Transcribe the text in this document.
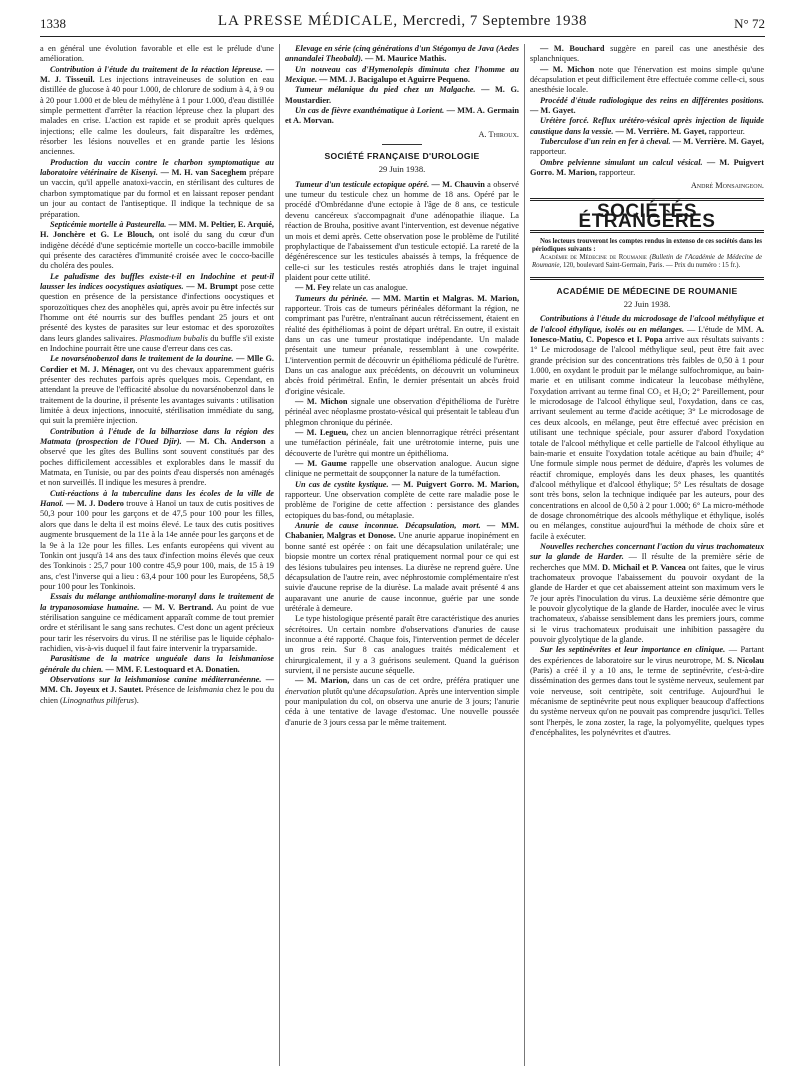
1338	LA PRESSE MÉDICALE, Mercredi, 7 Septembre 1938	N° 72

a en général une évolution favorable et elle est le prélude d'une amélioration.

Contribution à l'étude du traitement de la réaction lépreuse. — M. J. Tisseuil. Les injections intraveineuses de solution en eau distillée de glucose à 40 pour 1.000, de chlorure de sodium à 4, à 9 ou à 20 pour 1.000 et de bleu de méthylène à 1 pour 1.000, d'eau distillée simple permettent d'arrêter la réaction lépreuse chez la plupart des malades en crise. L'action est rapide et se produit après quelques injections; elle calme les douleurs, fait disparaître les œdèmes, résorber les lésions nouvelles et en grande partie les lésions anciennes.

Production du vaccin contre le charbon symptomatique au laboratoire vétérinaire de Kisenyi. — M. H. van Saceghem prépare un vaccin, qu'il appelle anatoxi-vaccin, en stérilisant des cultures de charbon symptomatique par du formol et en laissant reposer pendant un jour au contact de l'antiseptique. Il indique la technique de sa préparation.

Septicémie mortelle à Pasteurella. — MM. M. Peltier, E. Arquié, H. Jonchère et G. Le Blouch, ont isolé du sang du cœur d'un indigène décédé d'une septicémie mortelle un cocco-bacille immobile qui présente des caractères d'immunité croisée avec le cocco-bacille du choléra des poules.

Le paludisme des buffles existe-t-il en Indochine et peut-il lausser les indices oocystiques asiatiques. — M. Brumpt pose cette question en présence de la persistance d'infections oocystiques et sporozoïtiques chez des anophèles qui, après avoir pu être infectés sur l'homme ont été nourris sur des buffles pendant 25 jours et ont présenté des kystes de parasites sur leur estomac et des sporozoïtes dans leurs glandes salivaires. Plasmodium bubalis du buffle s'il existe en Indochine pourrait être une cause d'erreur dans ces cas.

Le novarsénobenzol dans le traitement de la dourine. — Mlle G. Cordier et M. J. Ménager, ont vu des chevaux apparemment guéris présenter des rechutes parfois après quelques mois. Cependant, en attendant la preuve de l'efficacité absolue du novarsénobenzol dans le traitement de la dourine, il présente les avantages suivants : utilisation limitée à deux injections, innocuité, stérilisation immédiate du sang, qui suit la première injection.

Contribution à l'étude de la bilharziose dans la région des Matmata (prospection de l'Oued Djir). — M. Ch. Anderson a observé que les gîtes des Bullins sont souvent constitués par des poches difficilement accessibles et explorables dans le massif du Matmata, en Tunisie, ou par des points d'eau dispersés non aménagés et non surveillés. Il indique les mesures à prendre.

Cuti-réactions à la tuberculine dans les écoles de la ville de Hanoï. — M. J. Dodero trouve à Hanoï un taux de cutis positives de 50,3 pour 100 pour les garçons et de 47,5 pour 100 pour les filles, alors que dans le delta il est moins élevé. Le taux des cutis positives augmente brusquement de la 11e à la 14e année pour les garçons et de la 9e à la 12e pour les filles. Les enfants européens qui vivent au Tonkin ont jusqu'à 14 ans des taux d'infection moins élevés que ceux des Tonkinois : 25,7 pour 100 contre 45,9 pour 100, mais, de 15 à 19 ans, c'est l'inverse qui a lieu : 63,4 pour 100 pour les Européens, 58,5 pour 100 pour les Tonkinois.

Essais du mélange anthiomaline-moranyl dans le traitement de la trypanosomiase humaine. — M. V. Bertrand. Au point de vue stérilisation sanguine ce médicament apparaît comme de tout premier ordre et stérilisant le sang sans rechutes. C'est donc un agent précieux pour tarir les réservoirs du virus. Il ne stérilise pas le liquide céphalo-rachidien, vis-à-vis duquel il faut faire intervenir la tryparsamide.

Parasitisme de la matrice unguéale dans la leishmaniose générale du chien. — MM. F. Lestoquard et A. Donatien.

Observations sur la leishmaniose canine méditerranéenne. — MM. Ch. Joyeux et J. Sautet. Présence de leishmania chez le pou du chien (Linognathus piliferus).

Elevage en série (cinq générations d'un Stégomya de Java (Aedes annandalei Theobald). — M. Maurice Mathis.

Un nouveau cas d'Hymenolepis diminuta chez l'homme au Mexique. — MM. J. Bacigalupo et Aguirre Pequeno.

Tumeur mélanique du pied chez un Malgache. — M. G. Moustardier.

Un cas de fièvre exanthématique à Lorient. — MM. A. Germain et A. Morvan.

A. Thiroux.
SOCIÉTÉ FRANÇAISE D'UROLOGIE
29 Juin 1938.

Tumeur d'un testicule ectopique opéré. — M. Chauvin a observé une tumeur du testicule chez un homme de 18 ans. Opéré par le procédé d'Ombrédanne d'une ectopie à l'âge de 8 ans, ce testicule devenu cancéreux s'accompagnait d'une adénopathie iliaque. La réaction de Brouha, positive avant l'intervention, est devenue négative un mois et demi après. Cette observation pose le problème de l'utilité prophylactique de l'abaissement d'un testicule ectopié. La rareté de la dégénérescence sur les testicules abaissés à temps, la fréquence de celle-ci sur les testicules restés atrophiés dans le trajet inguinal plaident pour cette utilité.

— M. Fey relate un cas analogue.

Tumeurs du périnée. — MM. Martin et Malgras. M. Marion, rapporteur. Trois cas de tumeurs périnéales déformant la région, ne comprimant pas l'urètre, n'entraînant aucun rétrécissement, étaient en réalité des épithéliomas à point de départ urétral. En outre, il existait dans un cas une tumeur prostatique indépendante. Un malade présentait une tumeur préanale, ressemblant à une cowpérite. L'intervention permit de découvrir un épithélioma pédiculé de l'urètre. Dans un cas analogue aux précédents, on découvrit un volumineux abcès froid périmétral. Enfin, le dernier présentait un abcès froid d'origine vésicale.

— M. Michon signale une observation d'épithélioma de l'urètre périnéal avec néoplasme prostato-vésical qui présentait le tableau d'un phlegmon chronique du périnée.

— M. Legueu, chez un ancien blennorragique rétréci présentant une tuméfaction périnéale, fait une urétrotomie interne, puis une découverte de l'urètre qui montre un épithélioma.

— M. Gaume rappelle une observation analogue. Aucun signe clinique ne permettait de soupçonner la nature de la tuméfaction.

Un cas de cystite kystique. — M. Puigvert Gorro. M. Marion, rapporteur. Une observation complète de cette rare maladie pose le problème de l'origine de cette affection : persistance des glandes ectopiques du bas-fond, ou métaplasie.

Anurie de cause inconnue. Décapsulation, mort. — MM. Chabanier, Malgras et Donose. Une anurie apparue inopinément en bonne santé est opérée : on fait une décapsulation unilatérale; une biopsie montre un cortex rénal pratiquement normal pour ce qui est des lésions tubulaires peu intenses. La diurèse ne reprend guère. Une décapsulation de l'autre rein, avec néphrostomie complémentaire n'est suivie d'aucune reprise de la diurèse. La malade avait présenté 4 ans auparavant une anurie de cause inconnue, guérie par une sonde urétérale à demeure.

Le type histologique présenté paraît être caractéristique des anuries sécrétoires. Un certain nombre d'observations d'anuries de cause inconnue a été rapporté. Chaque fois, l'intervention permet de déceler un gros rein. Sur 8 cas analogues traités médicalement et chirurgicalement, il y a 3 guérisons seulement. Quand la guérison survient, il ne persiste aucune séquelle.

— M. Marion, dans un cas de cet ordre, préféra pratiquer une énervation plutôt qu'une décapsulation. Après une intervention simple pour manipulation du col, on observa une anurie de 3 jours; l'anurie céda à une tentative de lavage d'estomac. Une nouvelle poussée d'anurie de 3 jours cessa par le même traitement.

— M. Bouchard suggère en pareil cas une anesthésie des splanchniques.

— M. Michon note que l'énervation est moins simple qu'une décapsulation et peut difficilement être effectuée comme celle-ci, sous anesthésie locale.

Procédé d'étude radiologique des reins en différentes positions. — M. Gayet.

Urétère forcé. Reflux urétéro-vésical après injection de liquide caustique dans la vessie. — M. Verrière. M. Gayet, rapporteur.

Tuberculose d'un rein en fer à cheval. — M. Verrière. M. Gayet, rapporteur.

Ombre pelvienne simulant un calcul vésical. — M. Puigvert Gorro. M. Marion, rapporteur.

André Monsaingeon.
SOCIÉTÉS ÉTRANGÈRES

Nos lecteurs trouveront les comptes rendus in extenso de ces sociétés dans les périodiques suivants :

Académie de Médecine de Roumanie (Bulletin de l'Académie de Médecine de Roumanie, 120, boulevard Saint-Germain, Paris. — Prix du numéro : 15 fr.).

ACADÉMIE DE MÉDECINE DE ROUMANIE
22 Juin 1938.

Contributions à l'étude du microdosage de l'alcool méthylique et de l'alcool éthylique, isolés ou en mélanges. — L'étude de MM. A. Ionesco-Matiu, C. Popesco et I. Popa arrive aux résultats suivants : 1° Le microdosage de l'alcool méthylique seul, peut être fait avec grande précision sur des concentrations très faibles de 0,50 à 1 pour 1.000, en oxydant le produit par le mélange sulfochromique, au bain-marie et en utilisant comme indicateur la leucobase méthylène, l'oxydation arrivant au terme final CO₂ et H₂O; 2° Pareillement, pour le microdosage de l'alcool éthylique seul, l'oxydation, dans ce cas, arrivant seulement au terme d'acide acétique; 3° Le microdosage de ces deux alcools, en mélange, peut être effectué avec précision en utilisant une technique spéciale, pour assurer d'abord l'oxydation totale de l'alcool méthylique et celle partielle de l'alcool éthylique au bain-marie et ensuite l'oxydation totale acétique au bain d'huile; 4° Une formule simple nous permet de déduire, d'après les volumes de réactif chromique, employés dans les deux phases, les quantités d'alcool méthylique et d'alcool éthylique; 5° Les résultats de dosage sont très bons, selon la technique indiquée par les auteurs, pour des concentrations en alcool de 0,50 à 2 pour 1.000; 6° La micro-méthode de dosage chronométrique des alcools méthylique et éthylique, isolés ou en mélanges, constitue aujourd'hui la méthode de choix sûre et facile à exécuter.

Nouvelles recherches concernant l'action du virus trachomateux sur la glande de Harder. — Il résulte de la première série de recherches que MM. D. Michail et P. Vancea ont faites, que le virus trachomateux provoque l'abaissement du pouvoir oxydant de la glande de Harder et que cet abaissement atteint son maximum vers le 7e jour après l'inoculation du virus. La deuxième série démontre que le pouvoir glycolytique de la glande de Harder, inoculée avec le virus trachomateux, s'abaisse sensiblement dans les premiers jours, comme si le virus trachomateux produisait une inhibition passagère du pouvoir glycolytique de la glande.

Sur les septinévrites et leur importance en clinique. — Partant des expériences de laboratoire sur le virus neurotrope, M. S. Nicolau (Paris) a créé il y a 10 ans, le terme de septinévrite, c'est-à-dire dissémination des germes dans tout le système nerveux, seulement par voie nerveuse, soit centripète, soit centrifuge. Aujourd'hui le mécanisme de septinévrite peut nous expliquer beaucoup d'affections du système nerveux qu'on ne pouvait pas comprendre jusqu'ici. Telles sont l'herpès, le zona zoster, la rage, la polyomyélite, quelques types d'encéphalites, les polynévrites et d'autres.
